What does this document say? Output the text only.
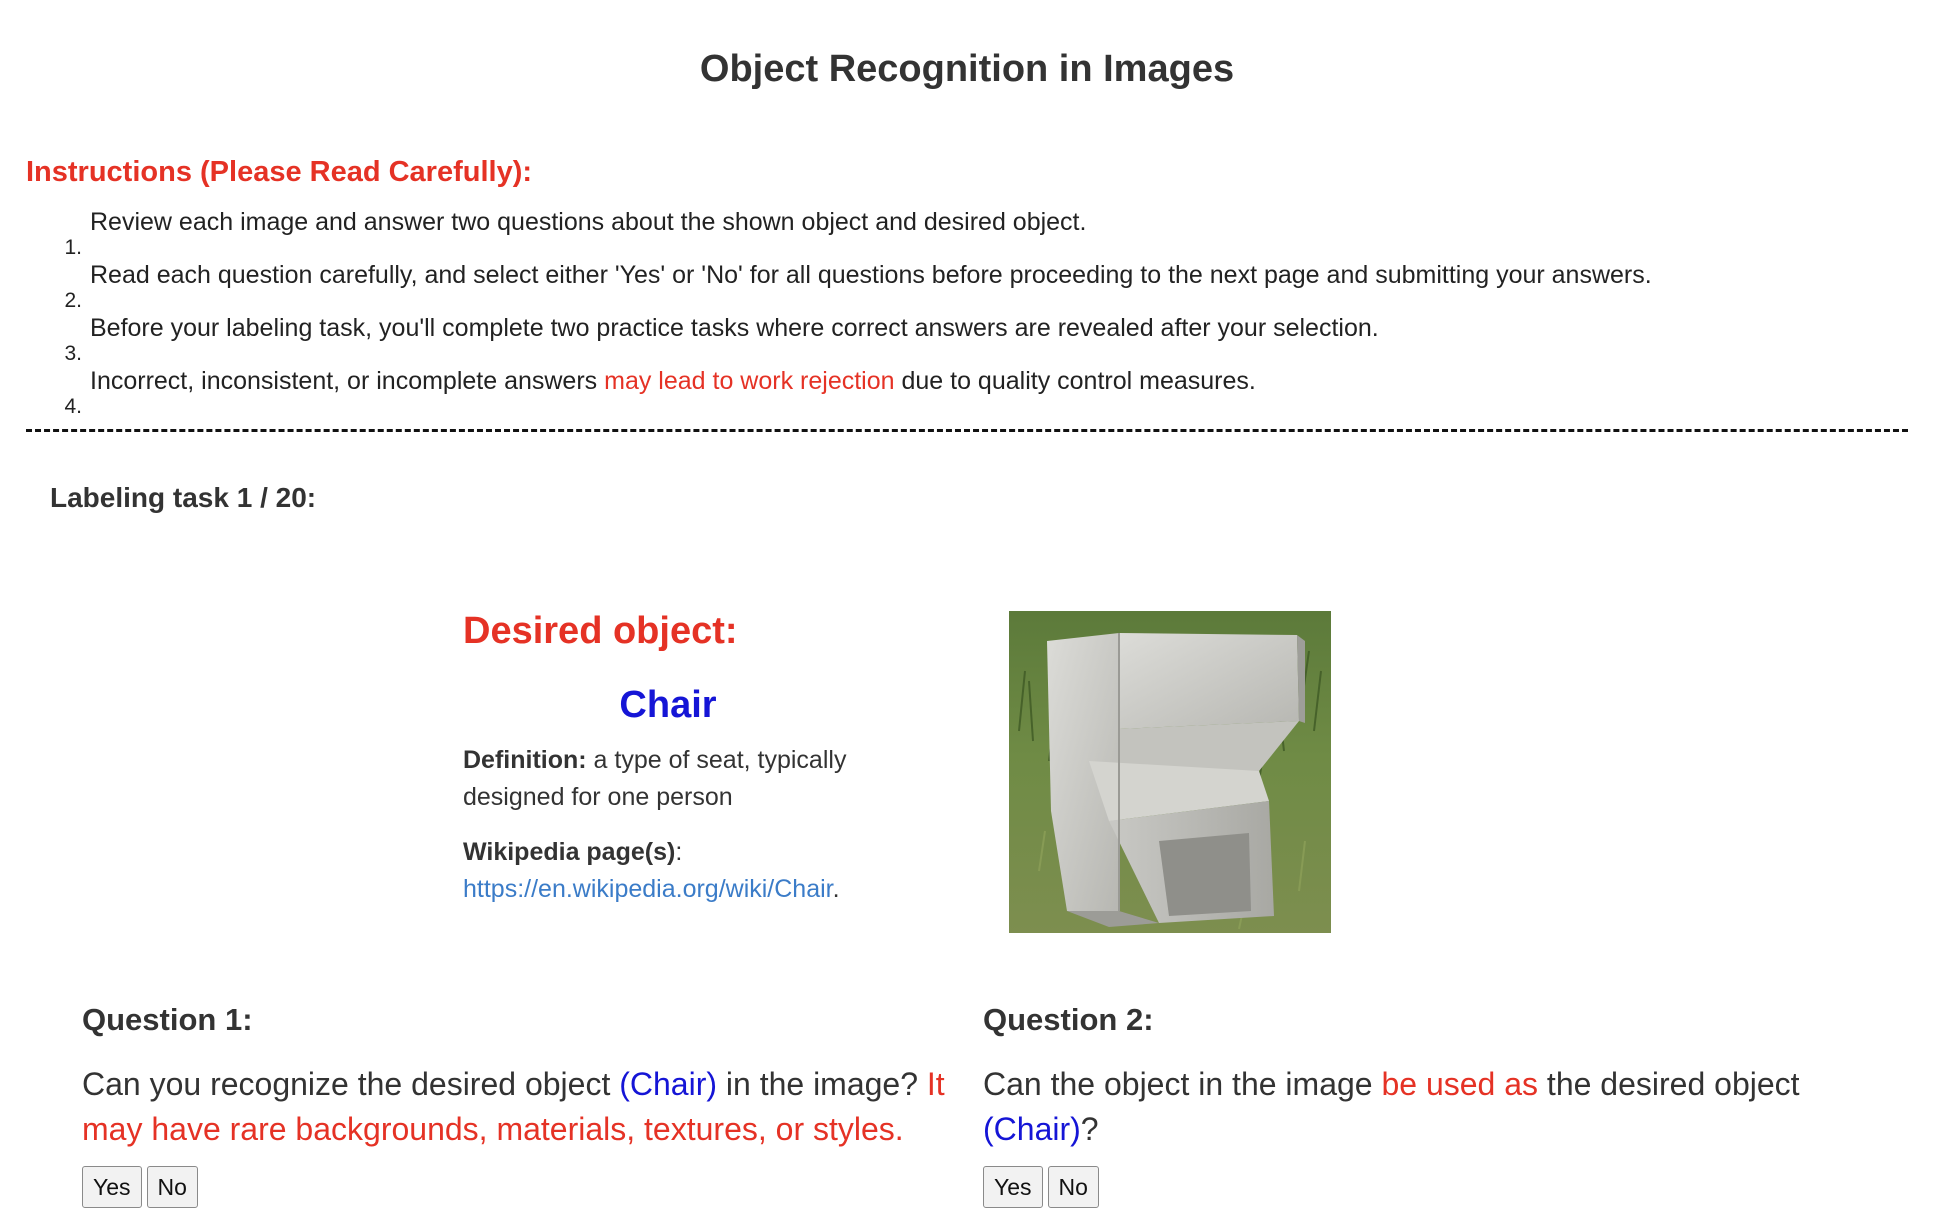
Object Recognition in Images
Instructions (Please Read Carefully):
1.
Review each image and answer two questions about the shown object and desired object.
2.
Read each question carefully, and select either 'Yes' or 'No' for all questions before proceeding to the next page and submitting your answers.
3.
Before your labeling task, you'll complete two practice tasks where correct answers are revealed after your selection.
4.
Incorrect, inconsistent, or incomplete answers may lead to work rejection due to quality control measures.
Labeling task 1 / 20:
Desired object:
Chair
Definition: a type of seat, typically designed for one person
Wikipedia page(s):
https://en.wikipedia.org/wiki/Chair.
Question 1:

Can you recognize the desired object (Chair) in the image? It may have rare backgrounds, materials, textures, or styles.

Yes No
Question 2:

Can the object in the image be used as the desired object
(Chair)?

Yes No
